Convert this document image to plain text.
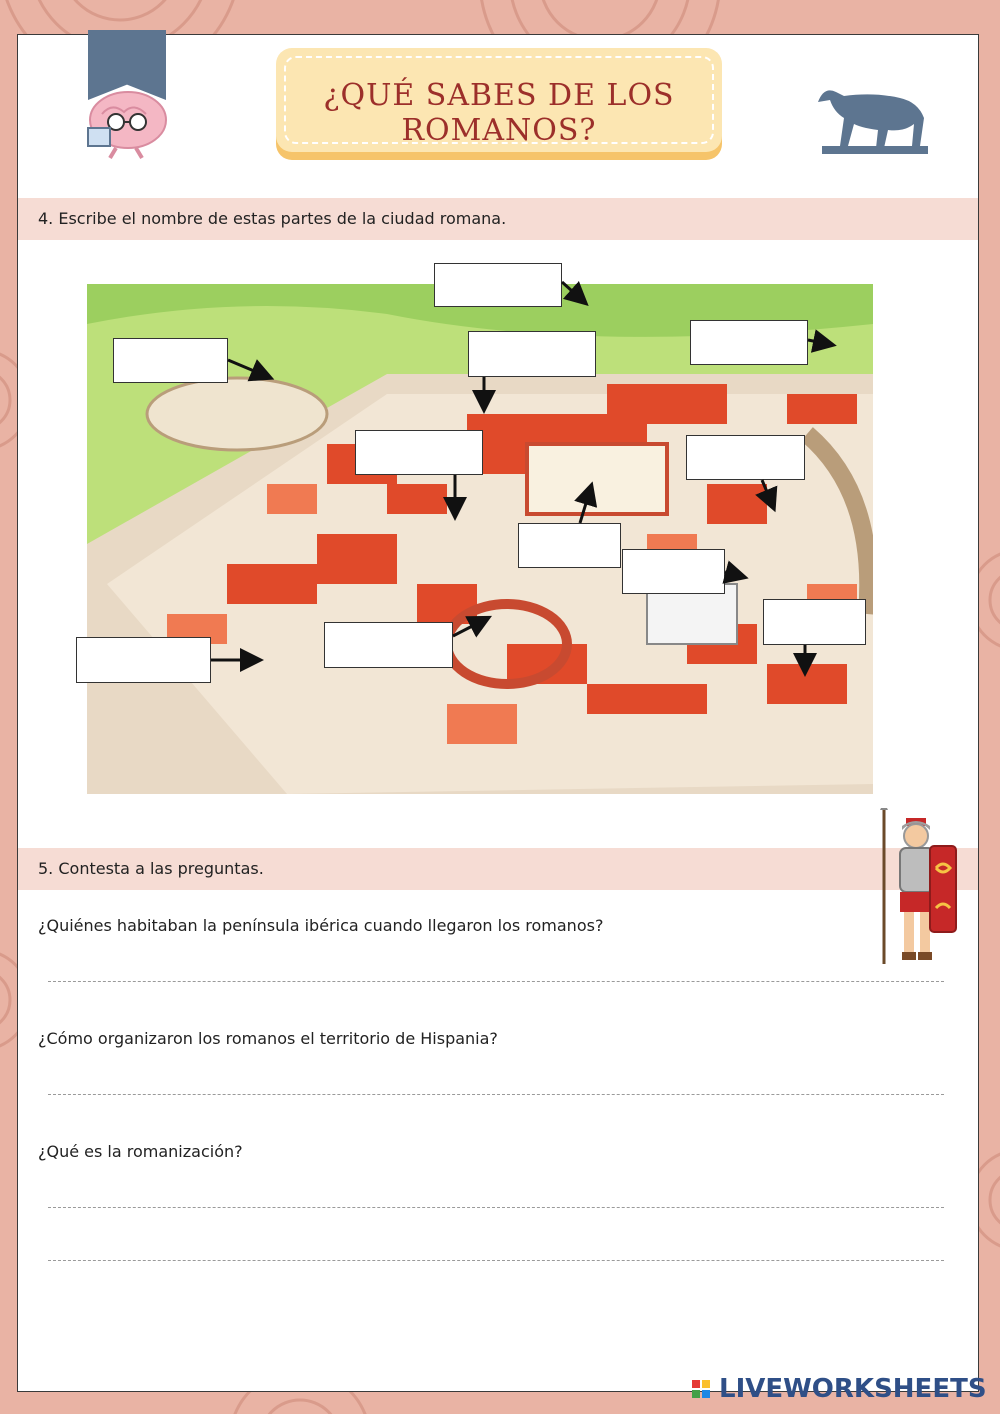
¿QUÉ SABES DE LOS ROMANOS?
4. Escribe el nombre de estas partes de la ciudad romana.
5. Contesta a las preguntas.
¿Quiénes habitaban la península ibérica cuando llegaron los romanos?
¿Cómo organizaron los romanos el territorio de Hispania?
¿Qué es la romanización?
LIVEWORKSHEETS
